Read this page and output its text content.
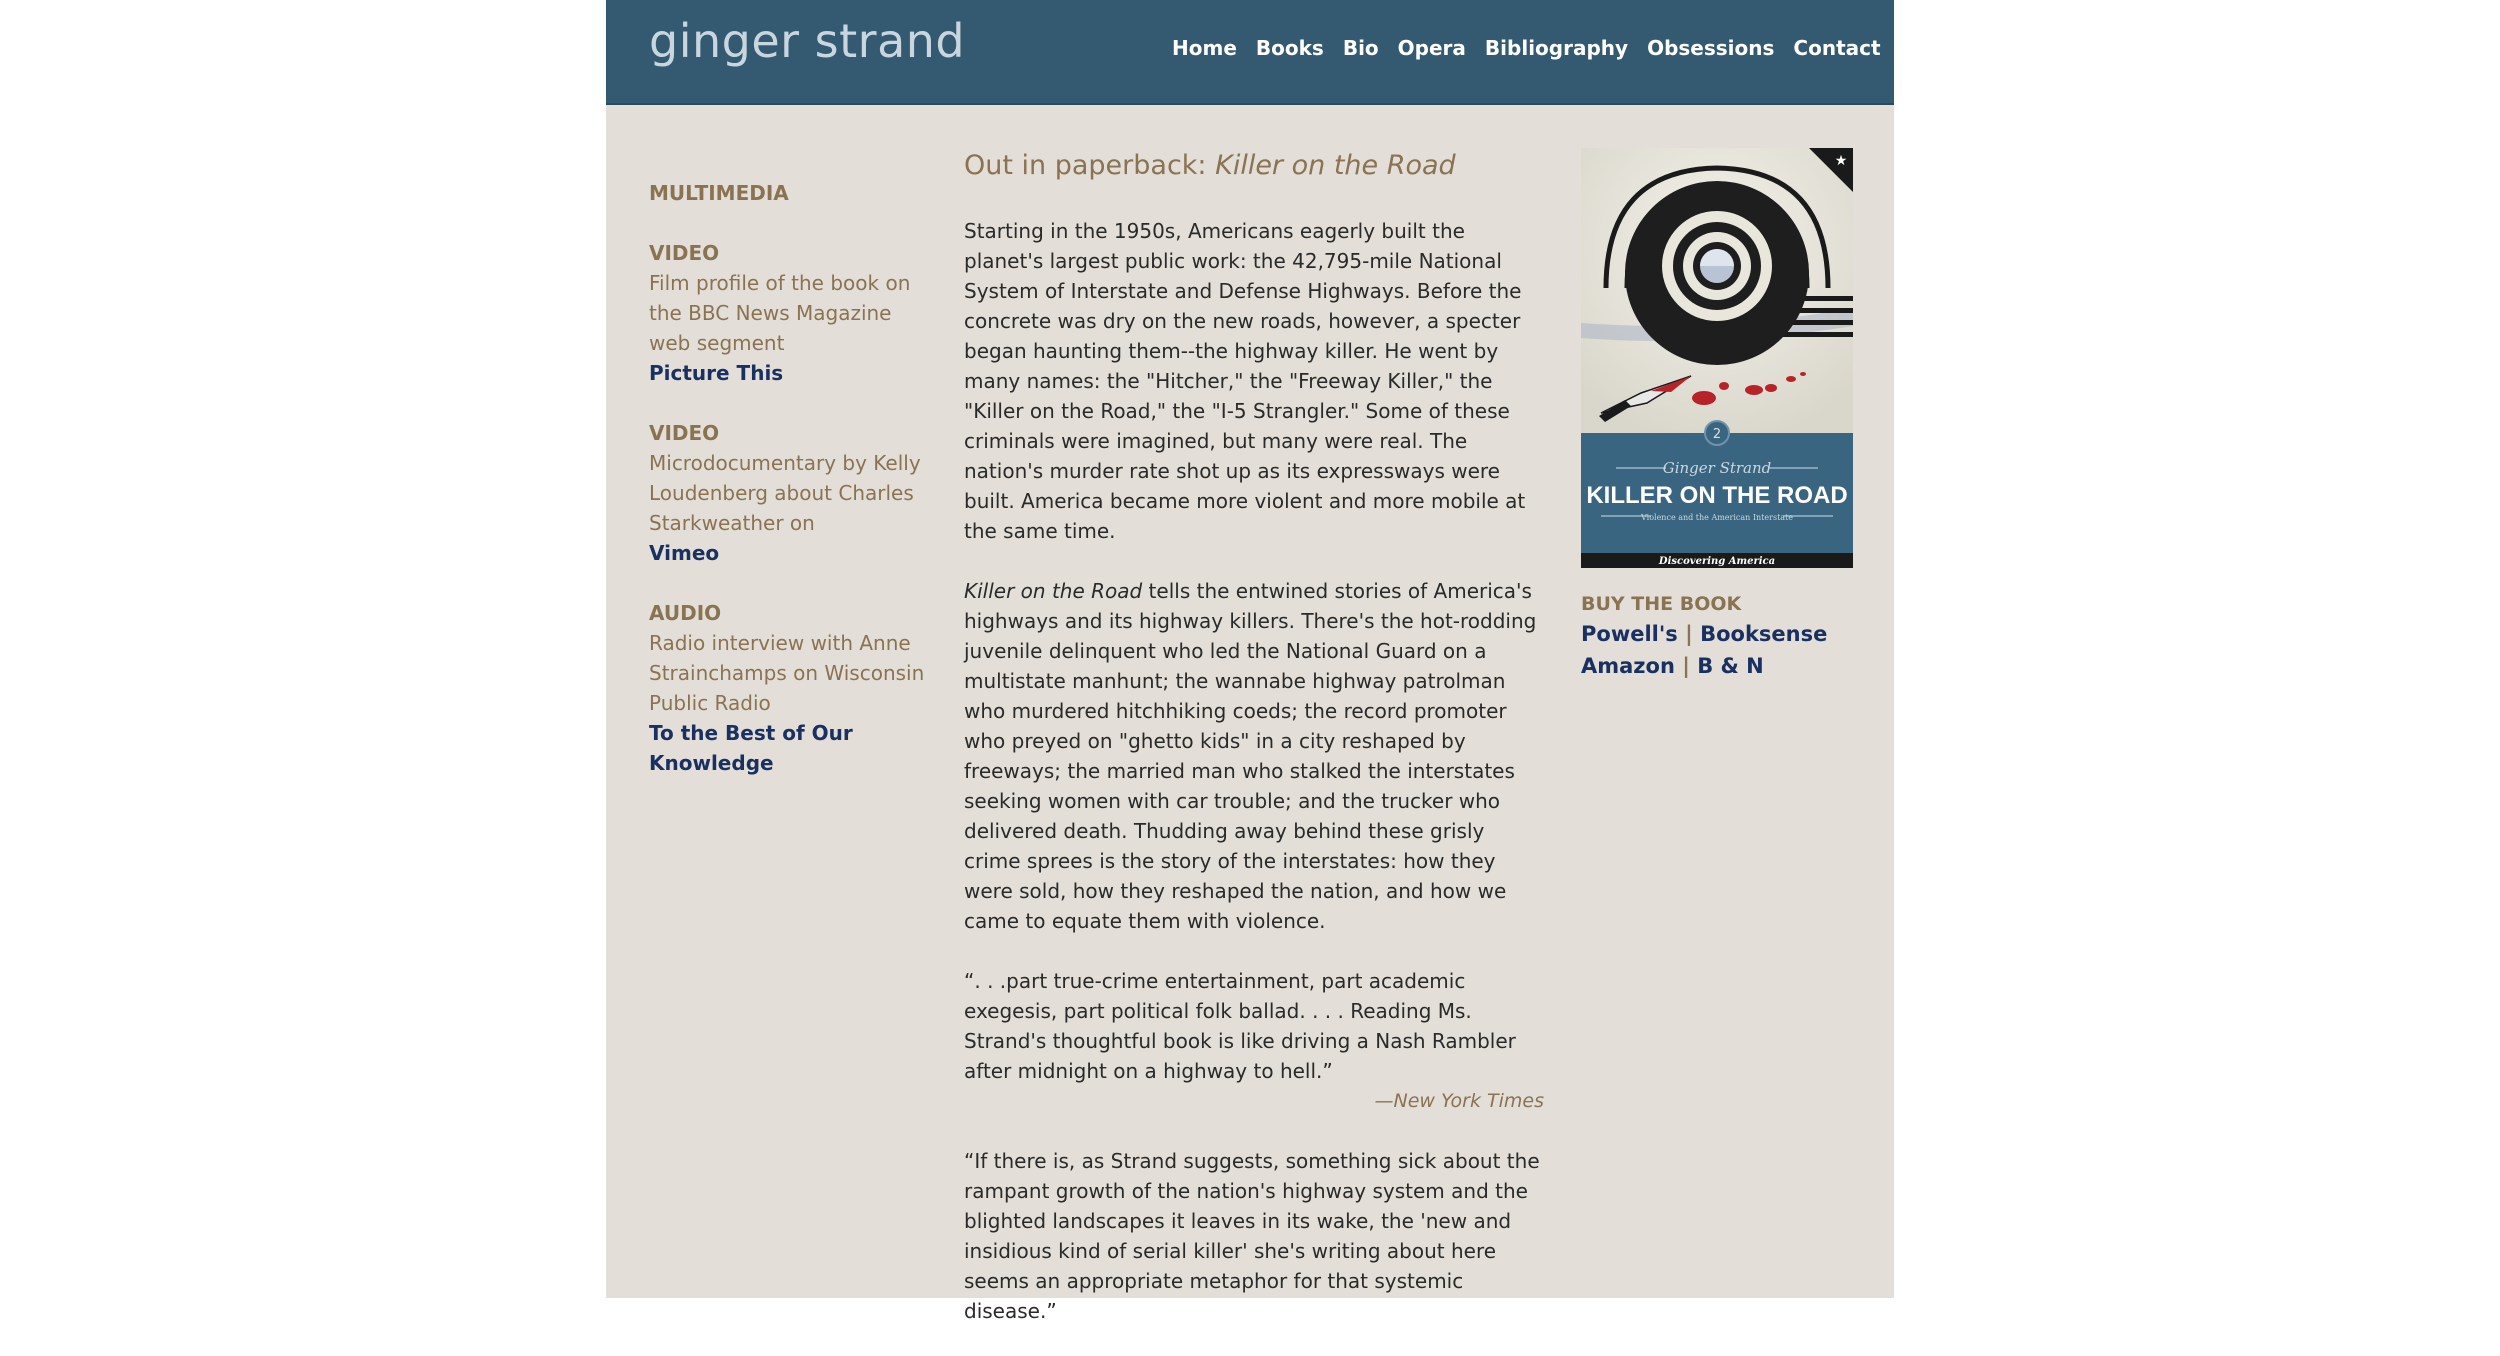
ginger strand	Home Books Bio Opera Bibliography Obsessions Contact
MULTIMEDIA
VIDEO
Film profile of the book on the BBC News Magazine web segment
Picture This
VIDEO
Microdocumentary by Kelly Loudenberg about Charles Starkweather on
Vimeo
AUDIO
Radio interview with Anne Strainchamps on Wisconsin Public Radio
To the Best of Our Knowledge
Out in paperback: Killer on the Road

Starting in the 1950s, Americans eagerly built the planet's largest public work: the 42,795-mile National System of Interstate and Defense Highways. Before the concrete was dry on the new roads, however, a specter began haunting them--the highway killer. He went by many names: the "Hitcher," the "Freeway Killer," the "Killer on the Road," the "I-5 Strangler." Some of these criminals were imagined, but many were real. The nation's murder rate shot up as its expressways were built. America became more violent and more mobile at the same time.

Killer on the Road tells the entwined stories of America's highways and its highway killers. There's the hot-rodding juvenile delinquent who led the National Guard on a multistate manhunt; the wannabe highway patrolman who murdered hitchhiking coeds; the record promoter who preyed on "ghetto kids" in a city reshaped by freeways; the married man who stalked the interstates seeking women with car trouble; and the trucker who delivered death. Thudding away behind these grisly crime sprees is the story of the interstates: how they were sold, how they reshaped the nation, and how we came to equate them with violence.

“. . .part true-crime entertainment, part academic exegesis, part political folk ballad. . . . Reading Ms. Strand's thoughtful book is like driving a Nash Rambler after midnight on a highway to hell.”

—New York Times

“If there is, as Strand suggests, something sick about the rampant growth of the nation's highway system and the blighted landscapes it leaves in its wake, the 'new and insidious kind of serial killer' she's writing about here seems an appropriate metaphor for that systemic disease.”

★
2
Ginger Strand
KILLER ON THE ROAD
Violence and the American Interstate
Discovering America
BUY THE BOOK
Powell's | Booksense
Amazon | B & N
